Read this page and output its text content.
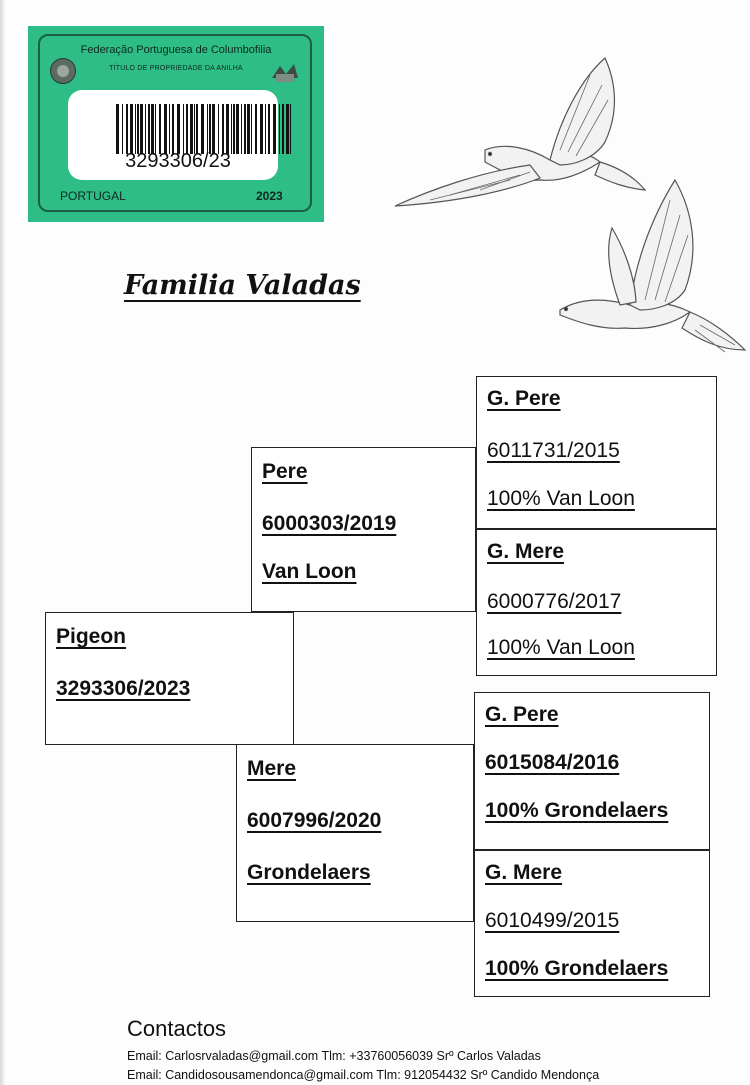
Federação Portuguesa de Columbofilia
TÍTULO DE PROPRIEDADE DA ANILHA
3293306/23
PORTUGAL	2023
Familia Valadas
Pigeon
3293306/2023
Pere
6000303/2019
Van Loon
Mere
6007996/2020
Grondelaers
G. Pere
6011731/2015
100% Van Loon
G. Mere
6000776/2017
100% Van Loon
G. Pere
6015084/2016
100% Grondelaers
G. Mere
6010499/2015
100% Grondelaers
Contactos
Email: Carlosrvaladas@gmail.com Tlm: +33760056039 Srº Carlos Valadas
Email: Candidosousamendonca@gmail.com Tlm: 912054432 Srº Candido Mendonça
